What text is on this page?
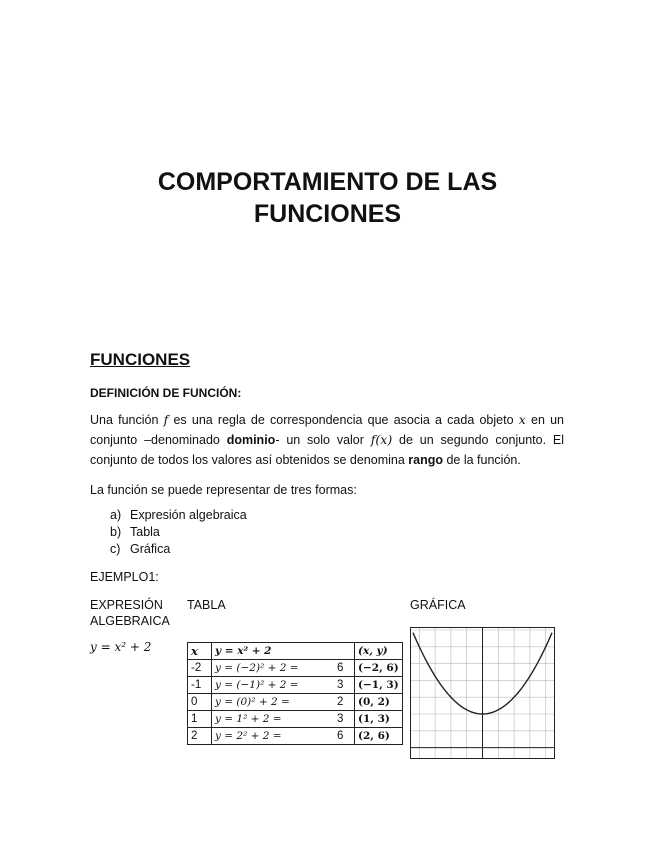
COMPORTAMIENTO DE LAS
FUNCIONES
FUNCIONES
DEFINICIÓN DE FUNCIÓN:
Una función f es una regla de correspondencia que asocia a cada objeto x en un conjunto –denominado dominio- un solo valor f(x) de un segundo conjunto. El conjunto de todos los valores así obtenidos se denomina rango de la función.
La función se puede representar de tres formas:
a) Expresión algebraica
b) Tabla
c) Gráfica
EJEMPLO1:
EXPRESIÓN
ALGEBRAICA
TABLA	GRÁFICA
y = x² + 2	x	y = x² + 2		(x, y)
-2	y = (−2)² + 2 =	6	(−2, 6)
-1	y = (−1)² + 2 =	3	(−1, 3)
0	y = (0)² + 2 =	2	(0, 2)
1	y = 1² + 2 =	3	(1, 3)
2	y = 2² + 2 =	6	(2, 6)
